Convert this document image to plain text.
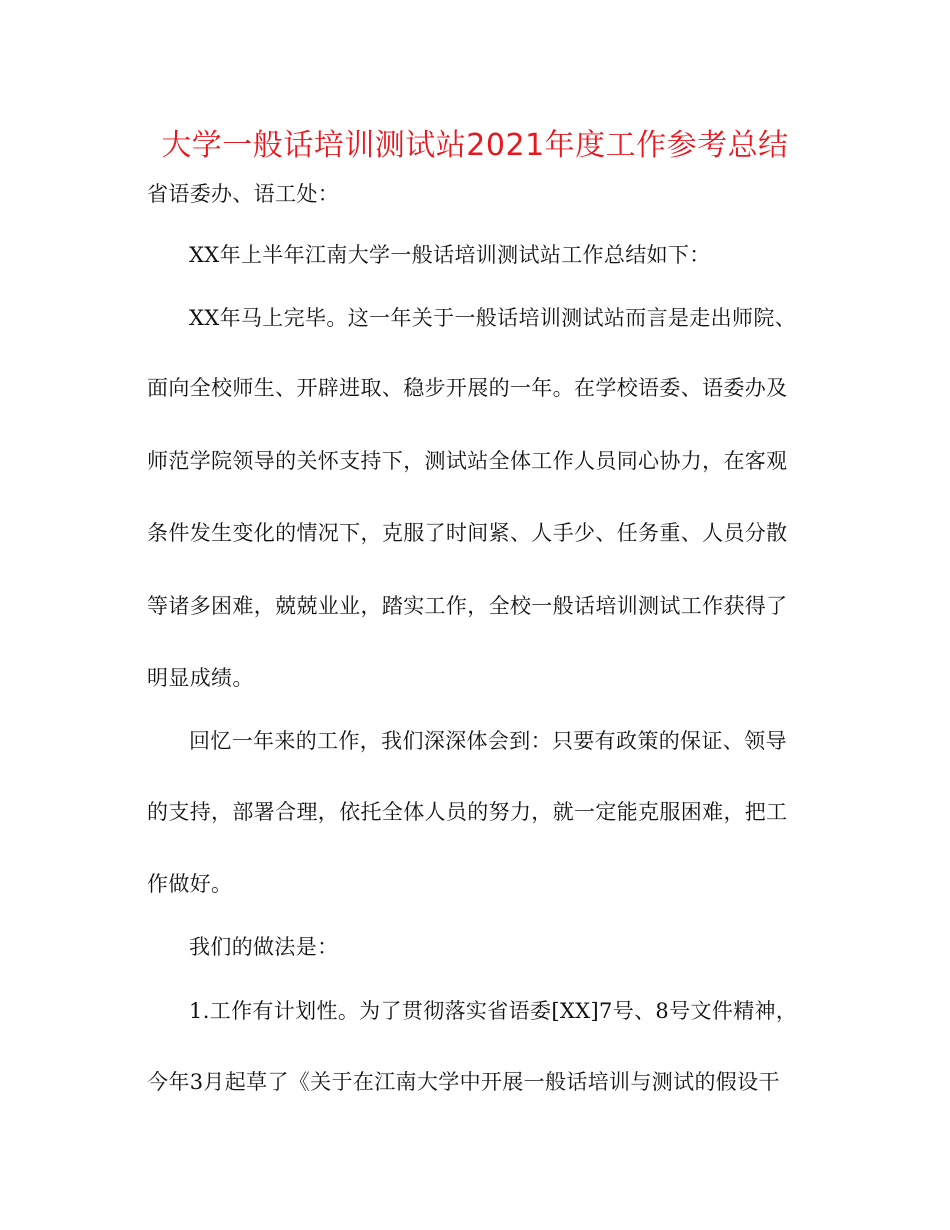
大学一般话培训测试站2021年度工作参考总结

省语委办、语工处：

XX年上半年江南大学一般话培训测试站工作总结如下：

XX年马上完毕。这一年关于一般话培训测试站而言是走出师院、

面向全校师生、开辟进取、稳步开展的一年。在学校语委、语委办及

师范学院领导的关怀支持下，测试站全体工作人员同心协力，在客观

条件发生变化的情况下，克服了时间紧、人手少、任务重、人员分散

等诸多困难，兢兢业业，踏实工作，全校一般话培训测试工作获得了

明显成绩。

回忆一年来的工作，我们深深体会到：只要有政策的保证、领导

的支持，部署合理，依托全体人员的努力，就一定能克服困难，把工

作做好。

我们的做法是：

1.工作有计划性。为了贯彻落实省语委[XX]7号、8号文件精神，

今年3月起草了《关于在江南大学中开展一般话培训与测试的假设干
